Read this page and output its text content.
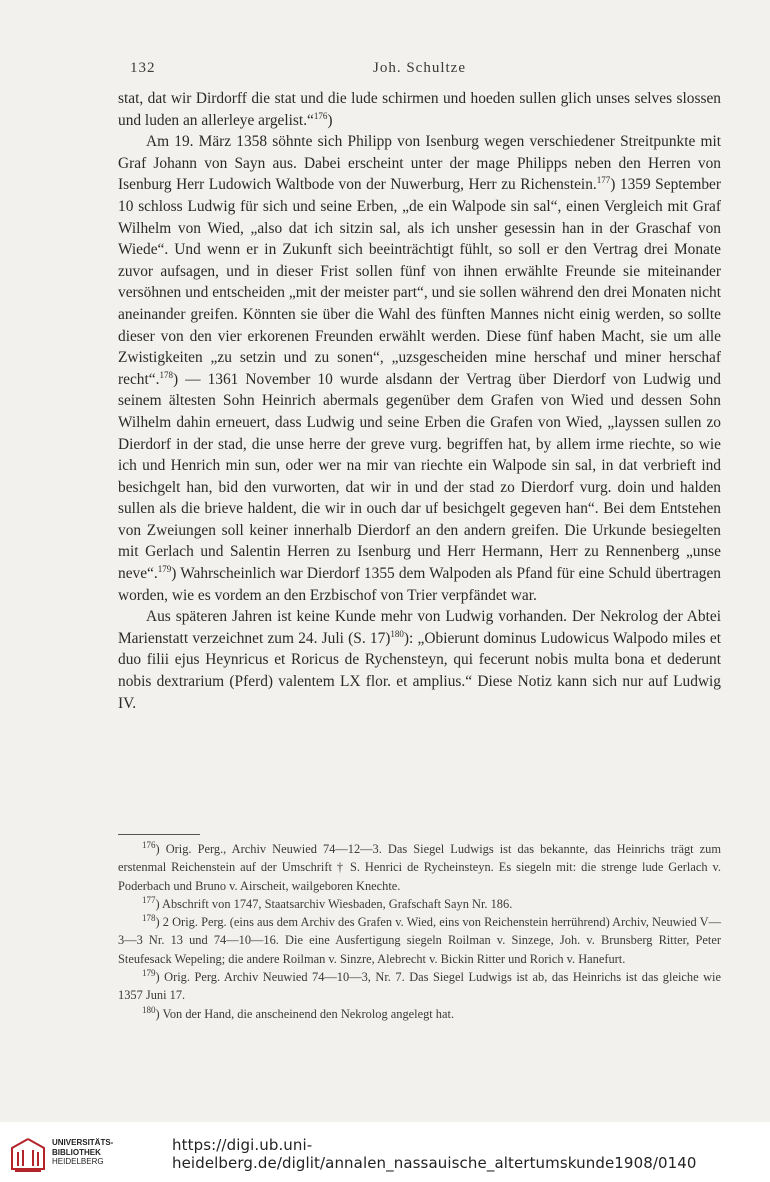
132	Joh. Schultze

stat, dat wir Dirdorff die stat und die lude schirmen und hoeden sullen glich unses selves slossen und luden an allerleye argelist.“$^{176}$)

Am 19. März 1358 söhnte sich Philipp von Isenburg wegen verschiedener Streitpunkte mit Graf Johann von Sayn aus. Dabei erscheint unter der mage Philipps neben den Herren von Isenburg Herr Ludowich Waltbode von der Nuwerburg, Herr zu Richenstein.$^{177}$) 1359 September 10 schloss Ludwig für sich und seine Erben, „de ein Walpode sin sal“, einen Vergleich mit Graf Wilhelm von Wied, „also dat ich sitzin sal, als ich unsher gesessin han in der Graschaf von Wiede“. Und wenn er in Zukunft sich beeinträchtigt fühlt, so soll er den Vertrag drei Monate zuvor aufsagen, und in dieser Frist sollen fünf von ihnen erwählte Freunde sie miteinander versöhnen und entscheiden „mit der meister part“, und sie sollen während den drei Monaten nicht aneinander greifen. Könnten sie über die Wahl des fünften Mannes nicht einig werden, so sollte dieser von den vier erkorenen Freunden erwählt werden. Diese fünf haben Macht, sie um alle Zwistigkeiten „zu setzin und zu sonen“, „uzsgescheiden mine herschaf und miner herschaf recht“.$^{178}$) — 1361 November 10 wurde alsdann der Vertrag über Dierdorf von Ludwig und seinem ältesten Sohn Heinrich abermals gegenüber dem Grafen von Wied und dessen Sohn Wilhelm dahin erneuert, dass Ludwig und seine Erben die Grafen von Wied, „layssen sullen zo Dierdorf in der stad, die unse herre der greve vurg. begriffen hat, by allem irme riechte, so wie ich und Henrich min sun, oder wer na mir van riechte ein Walpode sin sal, in dat verbrieft ind besichgelt han, bid den vurworten, dat wir in und der stad zo Dierdorf vurg. doin und halden sullen als die brieve haldent, die wir in ouch dar uf besichgelt gegeven han“. Bei dem Entstehen von Zweiungen soll keiner innerhalb Dierdorf an den andern greifen. Die Urkunde besiegelten mit Gerlach und Salentin Herren zu Isenburg und Herr Hermann, Herr zu Rennenberg „unse neve“.$^{179}$) Wahrscheinlich war Dierdorf 1355 dem Walpoden als Pfand für eine Schuld übertragen worden, wie es vordem an den Erzbischof von Trier verpfändet war.

Aus späteren Jahren ist keine Kunde mehr von Ludwig vorhanden. Der Nekrolog der Abtei Marienstatt verzeichnet zum 24. Juli (S. 17)$^{180}$): „Obierunt dominus Ludowicus Walpodo miles et duo filii ejus Heynricus et Roricus de Rychensteyn, qui fecerunt nobis multa bona et dederunt nobis dextrarium (Pferd) valentem LX flor. et amplius.“ Diese Notiz kann sich nur auf Ludwig IV.

$^{176}$) Orig. Perg., Archiv Neuwied 74—12—3. Das Siegel Ludwigs ist das bekannte, das Heinrichs trägt zum erstenmal Reichenstein auf der Umschrift † S. Henrici de Rycheinsteyn. Es siegeln mit: die strenge lude Gerlach v. Poderbach und Bruno v. Airscheit, wailgeboren Knechte.

$^{177}$) Abschrift von 1747, Staatsarchiv Wiesbaden, Grafschaft Sayn Nr. 186.

$^{178}$) 2 Orig. Perg. (eins aus dem Archiv des Grafen v. Wied, eins von Reichenstein herrührend) Archiv, Neuwied V—3—3 Nr. 13 und 74—10—16. Die eine Ausfertigung siegeln Roilman v. Sinzege, Joh. v. Brunsberg Ritter, Peter Steufesack Wepeling; die andere Roilman v. Sinzre, Alebrecht v. Bickin Ritter und Rorich v. Hanefurt.

$^{179}$) Orig. Perg. Archiv Neuwied 74—10—3, Nr. 7. Das Siegel Ludwigs ist ab, das Heinrichs ist das gleiche wie 1357 Juni 17.

$^{180}$) Von der Hand, die anscheinend den Nekrolog angelegt hat.

UNIVERSITÄTS-
BIBLIOTHEK
HEIDELBERG
https://digi.ub.uni-heidelberg.de/diglit/annalen_nassauische_altertumskunde1908/0140
